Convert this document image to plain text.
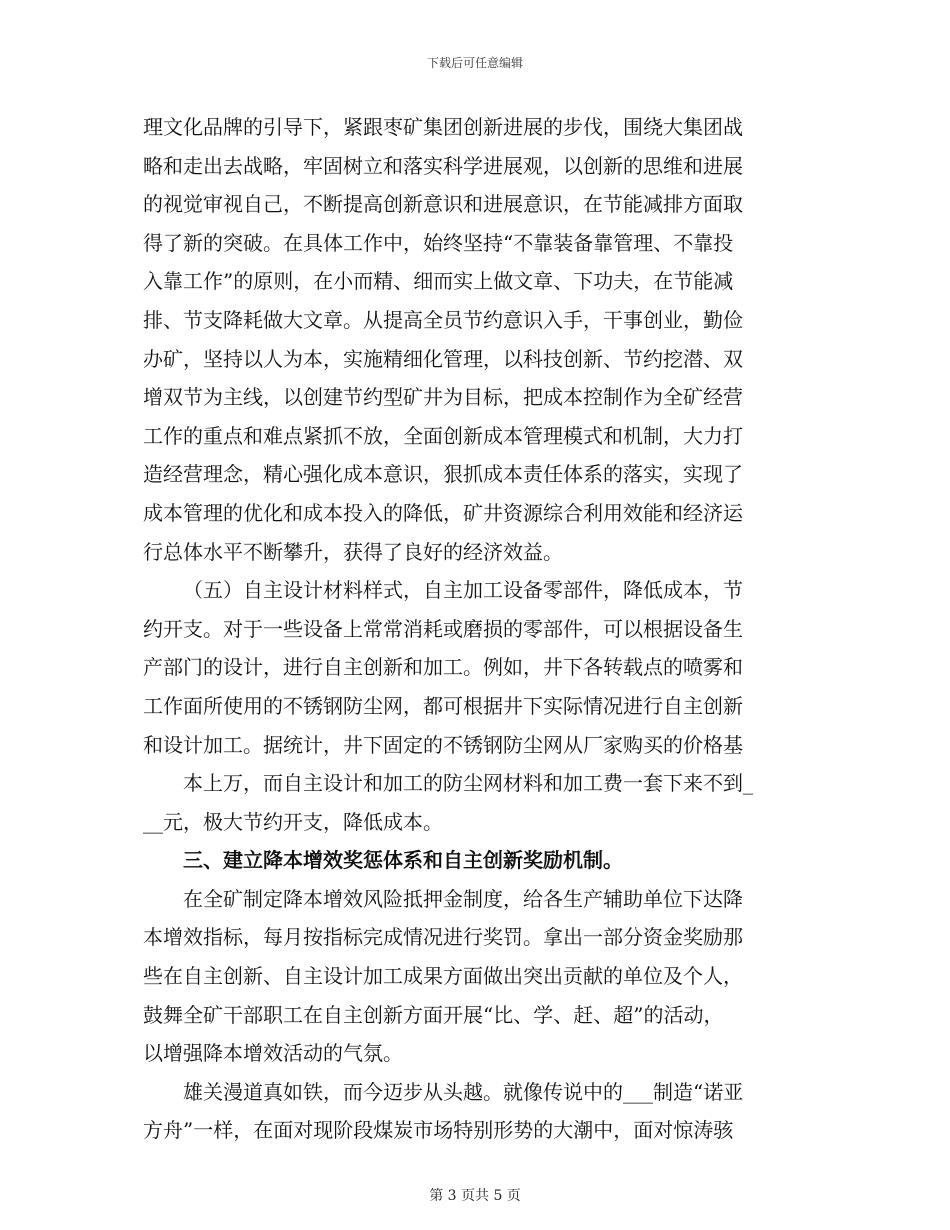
下载后可任意编辑
理文化品牌的引导下，紧跟枣矿集团创新进展的步伐，围绕大集团战
略和走出去战略，牢固树立和落实科学进展观，以创新的思维和进展
的视觉审视自己，不断提高创新意识和进展意识，在节能减排方面取
得了新的突破。在具体工作中，始终坚持“不靠装备靠管理、不靠投
入靠工作”的原则，在小而精、细而实上做文章、下功夫，在节能减
排、节支降耗做大文章。从提高全员节约意识入手，干事创业，勤俭
办矿，坚持以人为本，实施精细化管理，以科技创新、节约挖潜、双
增双节为主线，以创建节约型矿井为目标，把成本控制作为全矿经营
工作的重点和难点紧抓不放，全面创新成本管理模式和机制，大力打
造经营理念，精心强化成本意识，狠抓成本责任体系的落实，实现了
成本管理的优化和成本投入的降低，矿井资源综合利用效能和经济运
行总体水平不断攀升，获得了良好的经济效益。
（五）自主设计材料样式，自主加工设备零部件，降低成本，节
约开支。对于一些设备上常常消耗或磨损的零部件，可以根据设备生
产部门的设计，进行自主创新和加工。例如，井下各转载点的喷雾和
工作面所使用的不锈钢防尘网，都可根据井下实际情况进行自主创新
和设计加工。据统计，井下固定的不锈钢防尘网从厂家购买的价格基
本上万，而自主设计和加工的防尘网材料和加工费一套下来不到_
__元，极大节约开支，降低成本。
三、建立降本增效奖惩体系和自主创新奖励机制。
在全矿制定降本增效风险抵押金制度，给各生产辅助单位下达降
本增效指标，每月按指标完成情况进行奖罚。拿出一部分资金奖励那
些在自主创新、自主设计加工成果方面做出突出贡献的单位及个人，
鼓舞全矿干部职工在自主创新方面开展“比、学、赶、超”的活动，
以增强降本增效活动的气氛。
雄关漫道真如铁，而今迈步从头越。就像传说中的___制造“诺亚
方舟”一样，在面对现阶段煤炭市场特别形势的大潮中，面对惊涛骇
第 3 页共 5 页
